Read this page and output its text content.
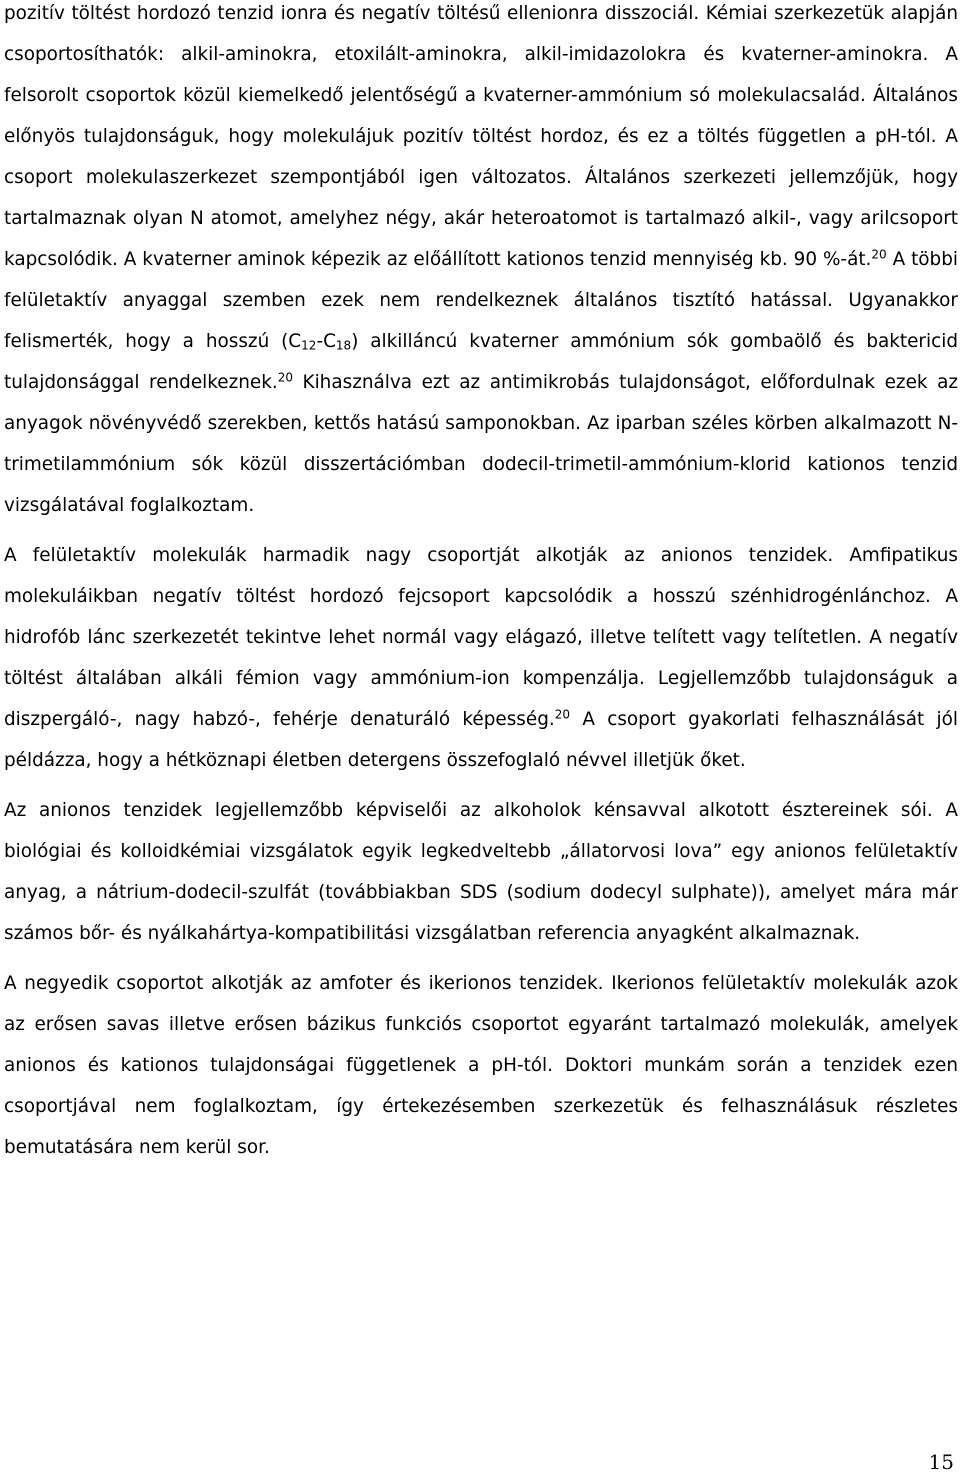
pozitív töltést hordozó tenzid ionra és negatív töltésű ellenionra disszociál. Kémiai szerkezetük alapján csoportosíthatók: alkil-aminokra, etoxilált-aminokra, alkil-imidazolokra és kvaterner-aminokra. A felsorolt csoportok közül kiemelkedő jelentőségű a kvaterner-ammónium só molekulacsalád. Általános előnyös tulajdonságuk, hogy molekulájuk pozitív töltést hordoz, és ez a töltés független a pH-tól. A csoport molekulaszerkezet szempontjából igen változatos. Általános szerkezeti jellemzőjük, hogy tartalmaznak olyan N atomot, amelyhez négy, akár heteroatomot is tartalmazó alkil-, vagy arilcsoport kapcsolódik. A kvaterner aminok képezik az előállított kationos tenzid mennyiség kb. 90 %-át.$^{20}$ A többi felületaktív anyaggal szemben ezek nem rendelkeznek általános tisztító hatással. Ugyanakkor felismerték, hogy a hosszú (C12-C18) alkilláncú kvaterner ammónium sók gombaölő és baktericid tulajdonsággal rendelkeznek.$^{20}$ Kihasználva ezt az antimikrobás tulajdonságot, előfordulnak ezek az anyagok növényvédő szerekben, kettős hatású samponokban. Az iparban széles körben alkalmazott N-trimetilammónium sók közül disszertációmban dodecil-trimetil-ammónium-klorid kationos tenzid vizsgálatával foglalkoztam.

A felületaktív molekulák harmadik nagy csoportját alkotják az anionos tenzidek. Amfipatikus molekuláikban negatív töltést hordozó fejcsoport kapcsolódik a hosszú szénhidrogénlánchoz. A hidrofób lánc szerkezetét tekintve lehet normál vagy elágazó, illetve telített vagy telítetlen. A negatív töltést általában alkáli fémion vagy ammónium-ion kompenzálja. Legjellemzőbb tulajdonságuk a diszpergáló-, nagy habzó-, fehérje denaturáló képesség.$^{20}$ A csoport gyakorlati felhasználását jól példázza, hogy a hétköznapi életben detergens összefoglaló névvel illetjük őket.

Az anionos tenzidek legjellemzőbb képviselői az alkoholok kénsavval alkotott észtereinek sói. A biológiai és kolloidkémiai vizsgálatok egyik legkedveltebb „állatorvosi lova” egy anionos felületaktív anyag, a nátrium-dodecil-szulfát (továbbiakban SDS (sodium dodecyl sulphate)), amelyet mára már számos bőr- és nyálkahártya-kompatibilitási vizsgálatban referencia anyagként alkalmaznak.

A negyedik csoportot alkotják az amfoter és ikerionos tenzidek. Ikerionos felületaktív molekulák azok az erősen savas illetve erősen bázikus funkciós csoportot egyaránt tartalmazó molekulák, amelyek anionos és kationos tulajdonságai függetlenek a pH-tól. Doktori munkám során a tenzidek ezen csoportjával nem foglalkoztam, így értekezésemben szerkezetük és felhasználásuk részletes bemutatására nem kerül sor.

15
